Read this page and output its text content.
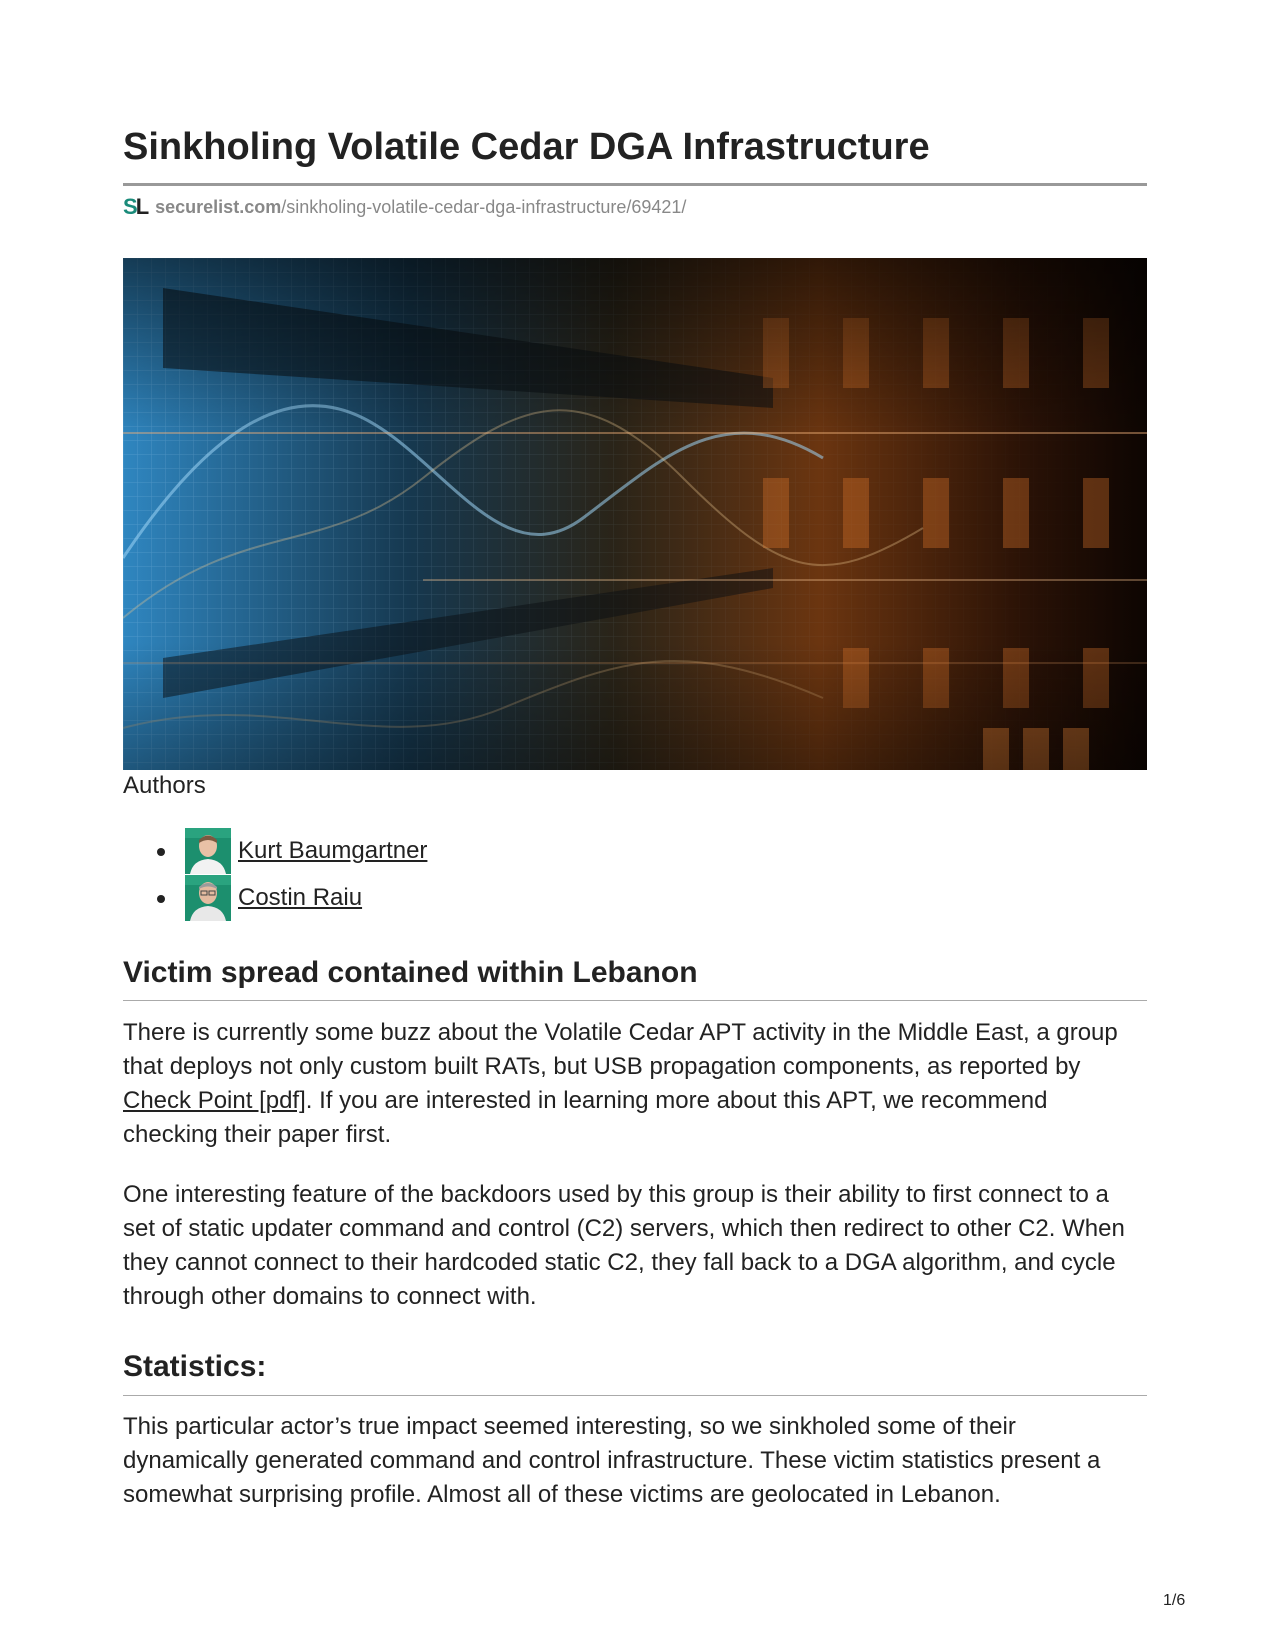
Sinkholing Volatile Cedar DGA Infrastructure
SL securelist.com /sinkholing-volatile-cedar-dga-infrastructure/69421/
Authors
Kurt Baumgartner
Costin Raiu
Victim spread contained within Lebanon

There is currently some buzz about the Volatile Cedar APT activity in the Middle East, a group that deploys not only custom built RATs, but USB propagation components, as reported by Check Point [pdf]. If you are interested in learning more about this APT, we recommend checking their paper first.

One interesting feature of the backdoors used by this group is their ability to first connect to a set of static updater command and control (C2) servers, which then redirect to other C2. When they cannot connect to their hardcoded static C2, they fall back to a DGA algorithm, and cycle through other domains to connect with.

Statistics:

This particular actor’s true impact seemed interesting, so we sinkholed some of their dynamically generated command and control infrastructure. These victim statistics present a somewhat surprising profile. Almost all of these victims are geolocated in Lebanon.

1/6
